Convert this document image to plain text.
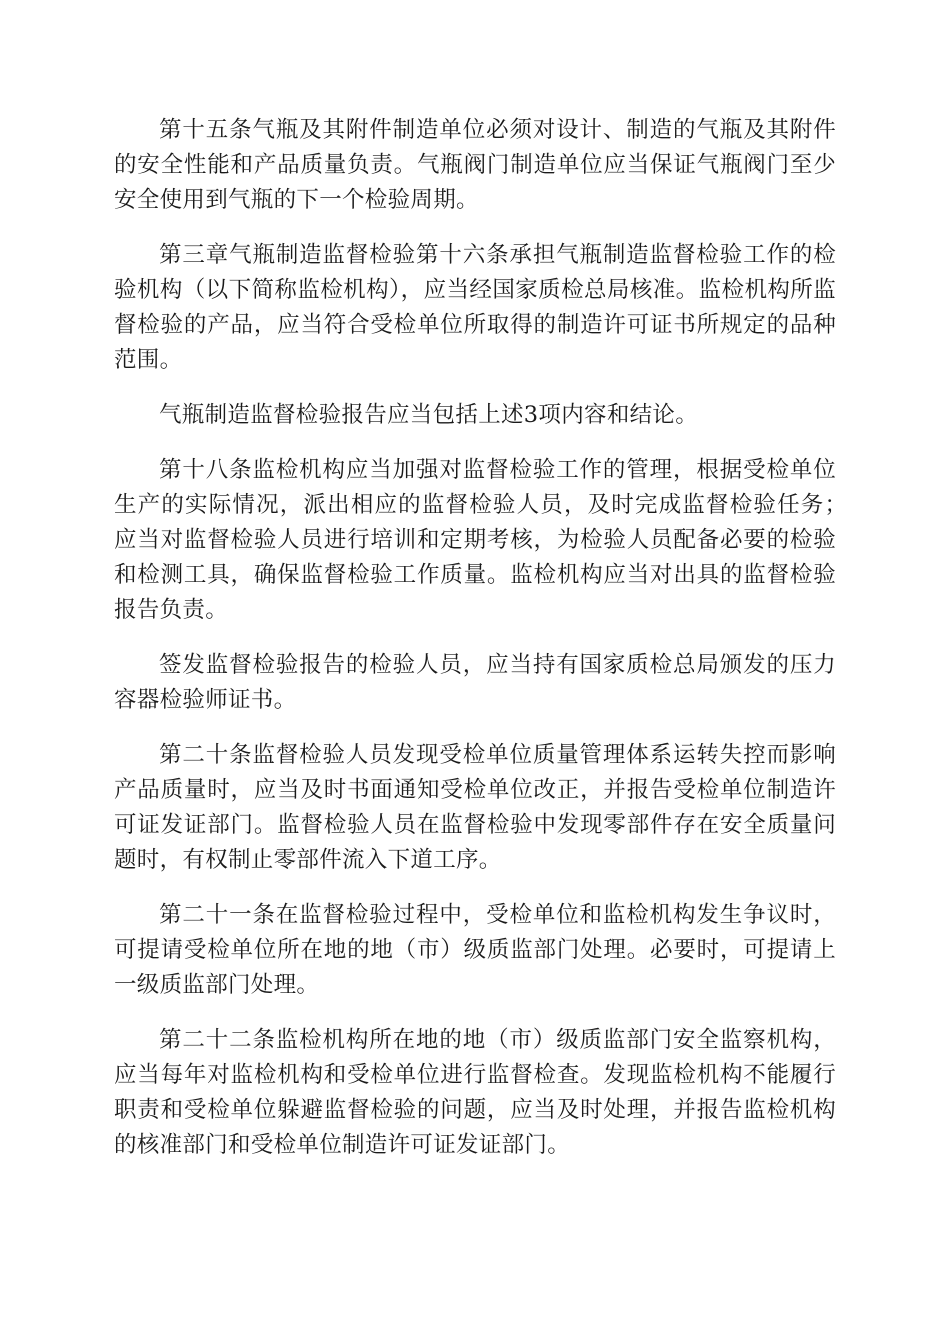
第十五条气瓶及其附件制造单位必须对设计、制造的气瓶及其附件的安全性能和产品质量负责。气瓶阀门制造单位应当保证气瓶阀门至少安全使用到气瓶的下一个检验周期。

第三章气瓶制造监督检验第十六条承担气瓶制造监督检验工作的检验机构（以下简称监检机构），应当经国家质检总局核准。监检机构所监督检验的产品，应当符合受检单位所取得的制造许可证书所规定的品种范围。

气瓶制造监督检验报告应当包括上述3项内容和结论。

第十八条监检机构应当加强对监督检验工作的管理，根据受检单位生产的实际情况，派出相应的监督检验人员，及时完成监督检验任务；　 应当对监督检验人员进行培训和定期考核，为检验人员配备必要的检验和检测工具，确保监督检验工作质量。监检机构应当对出具的监督检验报告负责。

签发监督检验报告的检验人员，应当持有国家质检总局颁发的压力容器检验师证书。

第二十条监督检验人员发现受检单位质量管理体系运转失控而影响产品质量时，应当及时书面通知受检单位改正，并报告受检单位制造许可证发证部门。监督检验人员在监督检验中发现零部件存在安全质量问题时，有权制止零部件流入下道工序。

第二十一条在监督检验过程中，受检单位和监检机构发生争议时，可提请受检单位所在地的地（市）级质监部门处理。必要时，可提请上一级质监部门处理。

第二十二条监检机构所在地的地（市）级质监部门安全监察机构，应当每年对监检机构和受检单位进行监督检查。发现监检机构不能履行职责和受检单位躲避监督检验的问题，应当及时处理，并报告监检机构的核准部门和受检单位制造许可证发证部门。
